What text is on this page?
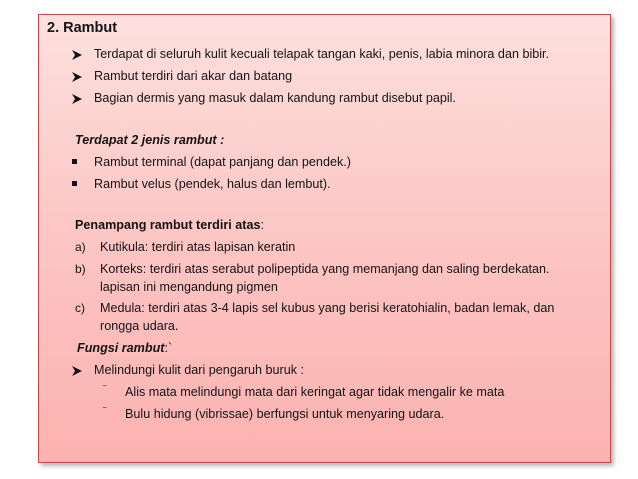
2. Rambut
Terdapat di seluruh kulit kecuali telapak tangan kaki, penis, labia minora dan bibir.
Rambut terdiri dari akar dan batang
Bagian dermis yang masuk dalam kandung rambut disebut papil.
Terdapat 2 jenis rambut :
Rambut terminal (dapat panjang dan pendek.)
Rambut velus (pendek, halus dan lembut).
Penampang rambut terdiri atas:
a) Kutikula: terdiri atas lapisan keratin
b) Korteks: terdiri atas serabut polipeptida yang memanjang dan saling berdekatan.
lapisan ini mengandung pigmen
c) Medula: terdiri atas 3-4 lapis sel kubus yang berisi keratohialin, badan lemak, dan
rongga udara.
Fungsi rambut:`
Melindungi kulit dari pengaruh buruk :
⁻ Alis mata melindungi mata dari keringat agar tidak mengalir ke mata
⁻ Bulu hidung (vibrissae) berfungsi untuk menyaring udara.
